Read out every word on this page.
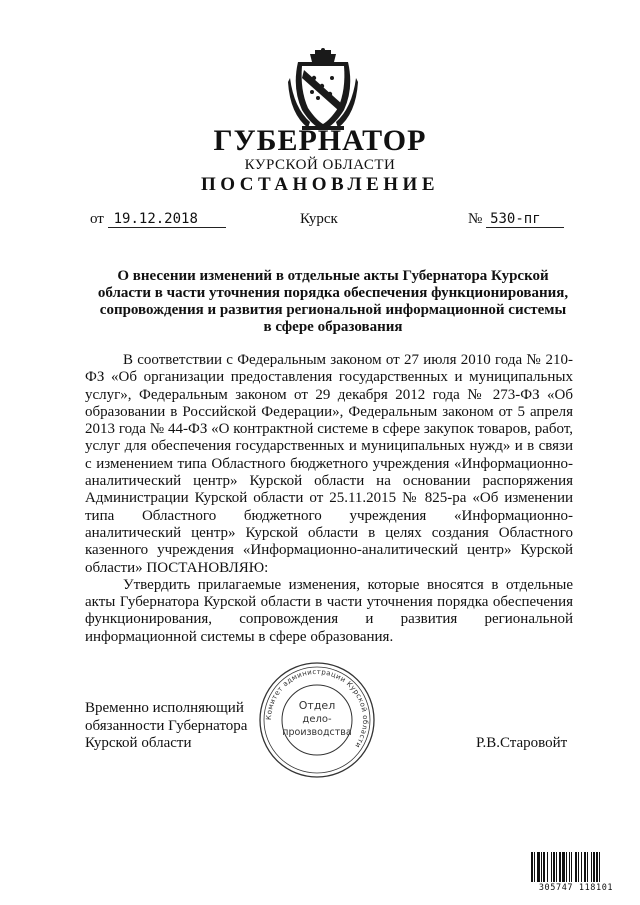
ГУБЕРНАТОР
КУРСКОЙ ОБЛАСТИ
ПОСТАНОВЛЕНИЕ
от 19.12.2018	Курск	№ 530-пг
О внесении изменений в отдельные акты Губернатора Курской
области в части уточнения порядка обеспечения функционирования,
сопровождения и развития региональной информационной системы
в сфере образования

В соответствии с Федеральным законом от 27 июля 2010 года № 210-ФЗ «Об организации предоставления государственных и муниципальных услуг», Федеральным законом от 29 декабря 2012 года № 273-ФЗ «Об образовании в Российской Федерации», Федеральным законом от 5 апреля 2013 года № 44-ФЗ «О контрактной системе в сфере закупок товаров, работ, услуг для обеспечения государственных и муниципальных нужд» и в связи с изменением типа Областного бюджетного учреждения «Информационно-аналитический центр» Курской области на основании распоряжения Администрации Курской области от 25.11.2015 № 825-ра «Об изменении типа Областного бюджетного учреждения «Информационно-аналитический центр» Курской области в целях создания Областного казенного учреждения «Информационно-аналитический центр» Курской области» ПОСТАНОВЛЯЮ:

Утвердить прилагаемые изменения, которые вносятся в отдельные акты Губернатора Курской области в части уточнения порядка обеспечения функционирования, сопровождения и развития региональной информационной системы в сфере образования.

Временно исполняющий
обязанности Губернатора
Курской области	Р.В.Старовойт
Комитет администрации Курской области
Отдел
дело-
производства
305747 118101
